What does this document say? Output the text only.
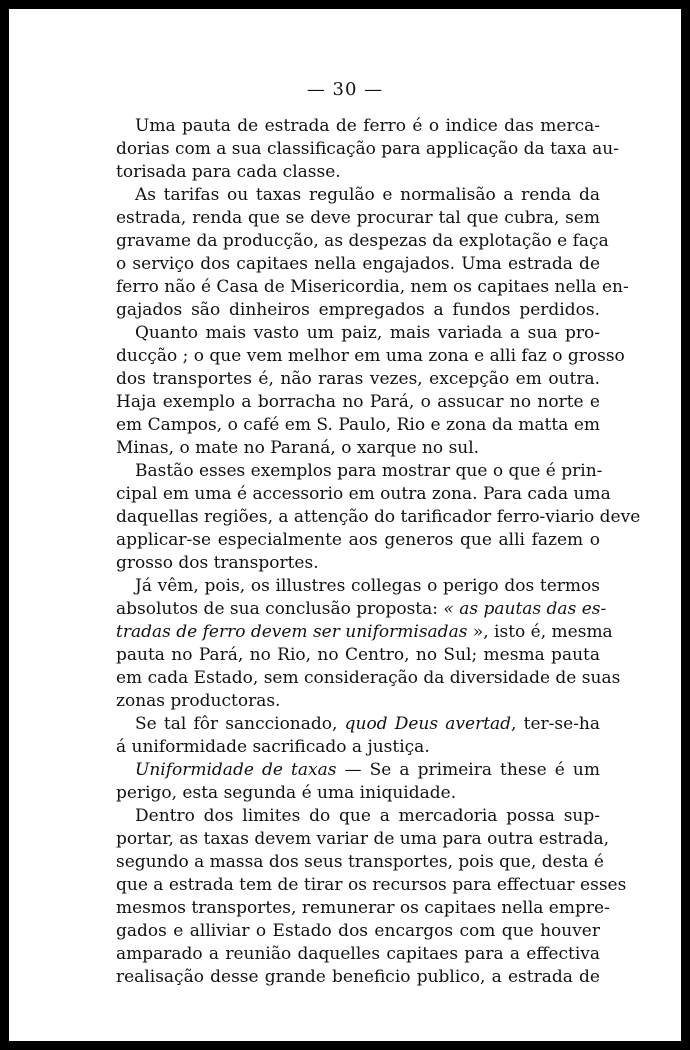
— 30 —

Uma pauta de estrada de ferro é o indice das merca-
dorias com a sua classificação para applicação da taxa au-
torisada para cada classe.

As tarifas ou taxas regulão e normalisão a renda da
estrada, renda que se deve procurar tal que cubra, sem
gravame da producção, as despezas da explotação e faça
o serviço dos capitaes nella engajados. Uma estrada de
ferro não é Casa de Misericordia, nem os capitaes nella en-
gajados são dinheiros empregados a fundos perdidos.

Quanto mais vasto um paiz, mais variada a sua pro-
ducção ; o que vem melhor em uma zona e alli faz o grosso
dos transportes é, não raras vezes, excepção em outra.
Haja exemplo a borracha no Pará, o assucar no norte e
em Campos, o café em S. Paulo, Rio e zona da matta em
Minas, o mate no Paraná, o xarque no sul.

Bastão esses exemplos para mostrar que o que é prin-
cipal em uma é accessorio em outra zona. Para cada uma
daquellas regiões, a attenção do tarificador ferro-viario deve
applicar-se especialmente aos generos que alli fazem o
grosso dos transportes.

Já vêm, pois, os illustres collegas o perigo dos termos
absolutos de sua conclusão proposta: « as pautas das es-
tradas de ferro devem ser uniformisadas », isto é, mesma
pauta no Pará, no Rio, no Centro, no Sul; mesma pauta
em cada Estado, sem consideração da diversidade de suas
zonas productoras.

Se tal fôr sanccionado, quod Deus avertad, ter-se-ha
á uniformidade sacrificado a justiça.

Uniformidade de taxas — Se a primeira these é um
perigo, esta segunda é uma iniquidade.

Dentro dos limites do que a mercadoria possa sup-
portar, as taxas devem variar de uma para outra estrada,
segundo a massa dos seus transportes, pois que, desta é
que a estrada tem de tirar os recursos para effectuar esses
mesmos transportes, remunerar os capitaes nella empre-
gados e alliviar o Estado dos encargos com que houver
amparado a reunião daquelles capitaes para a effectiva
realisação desse grande beneficio publico, a estrada de
